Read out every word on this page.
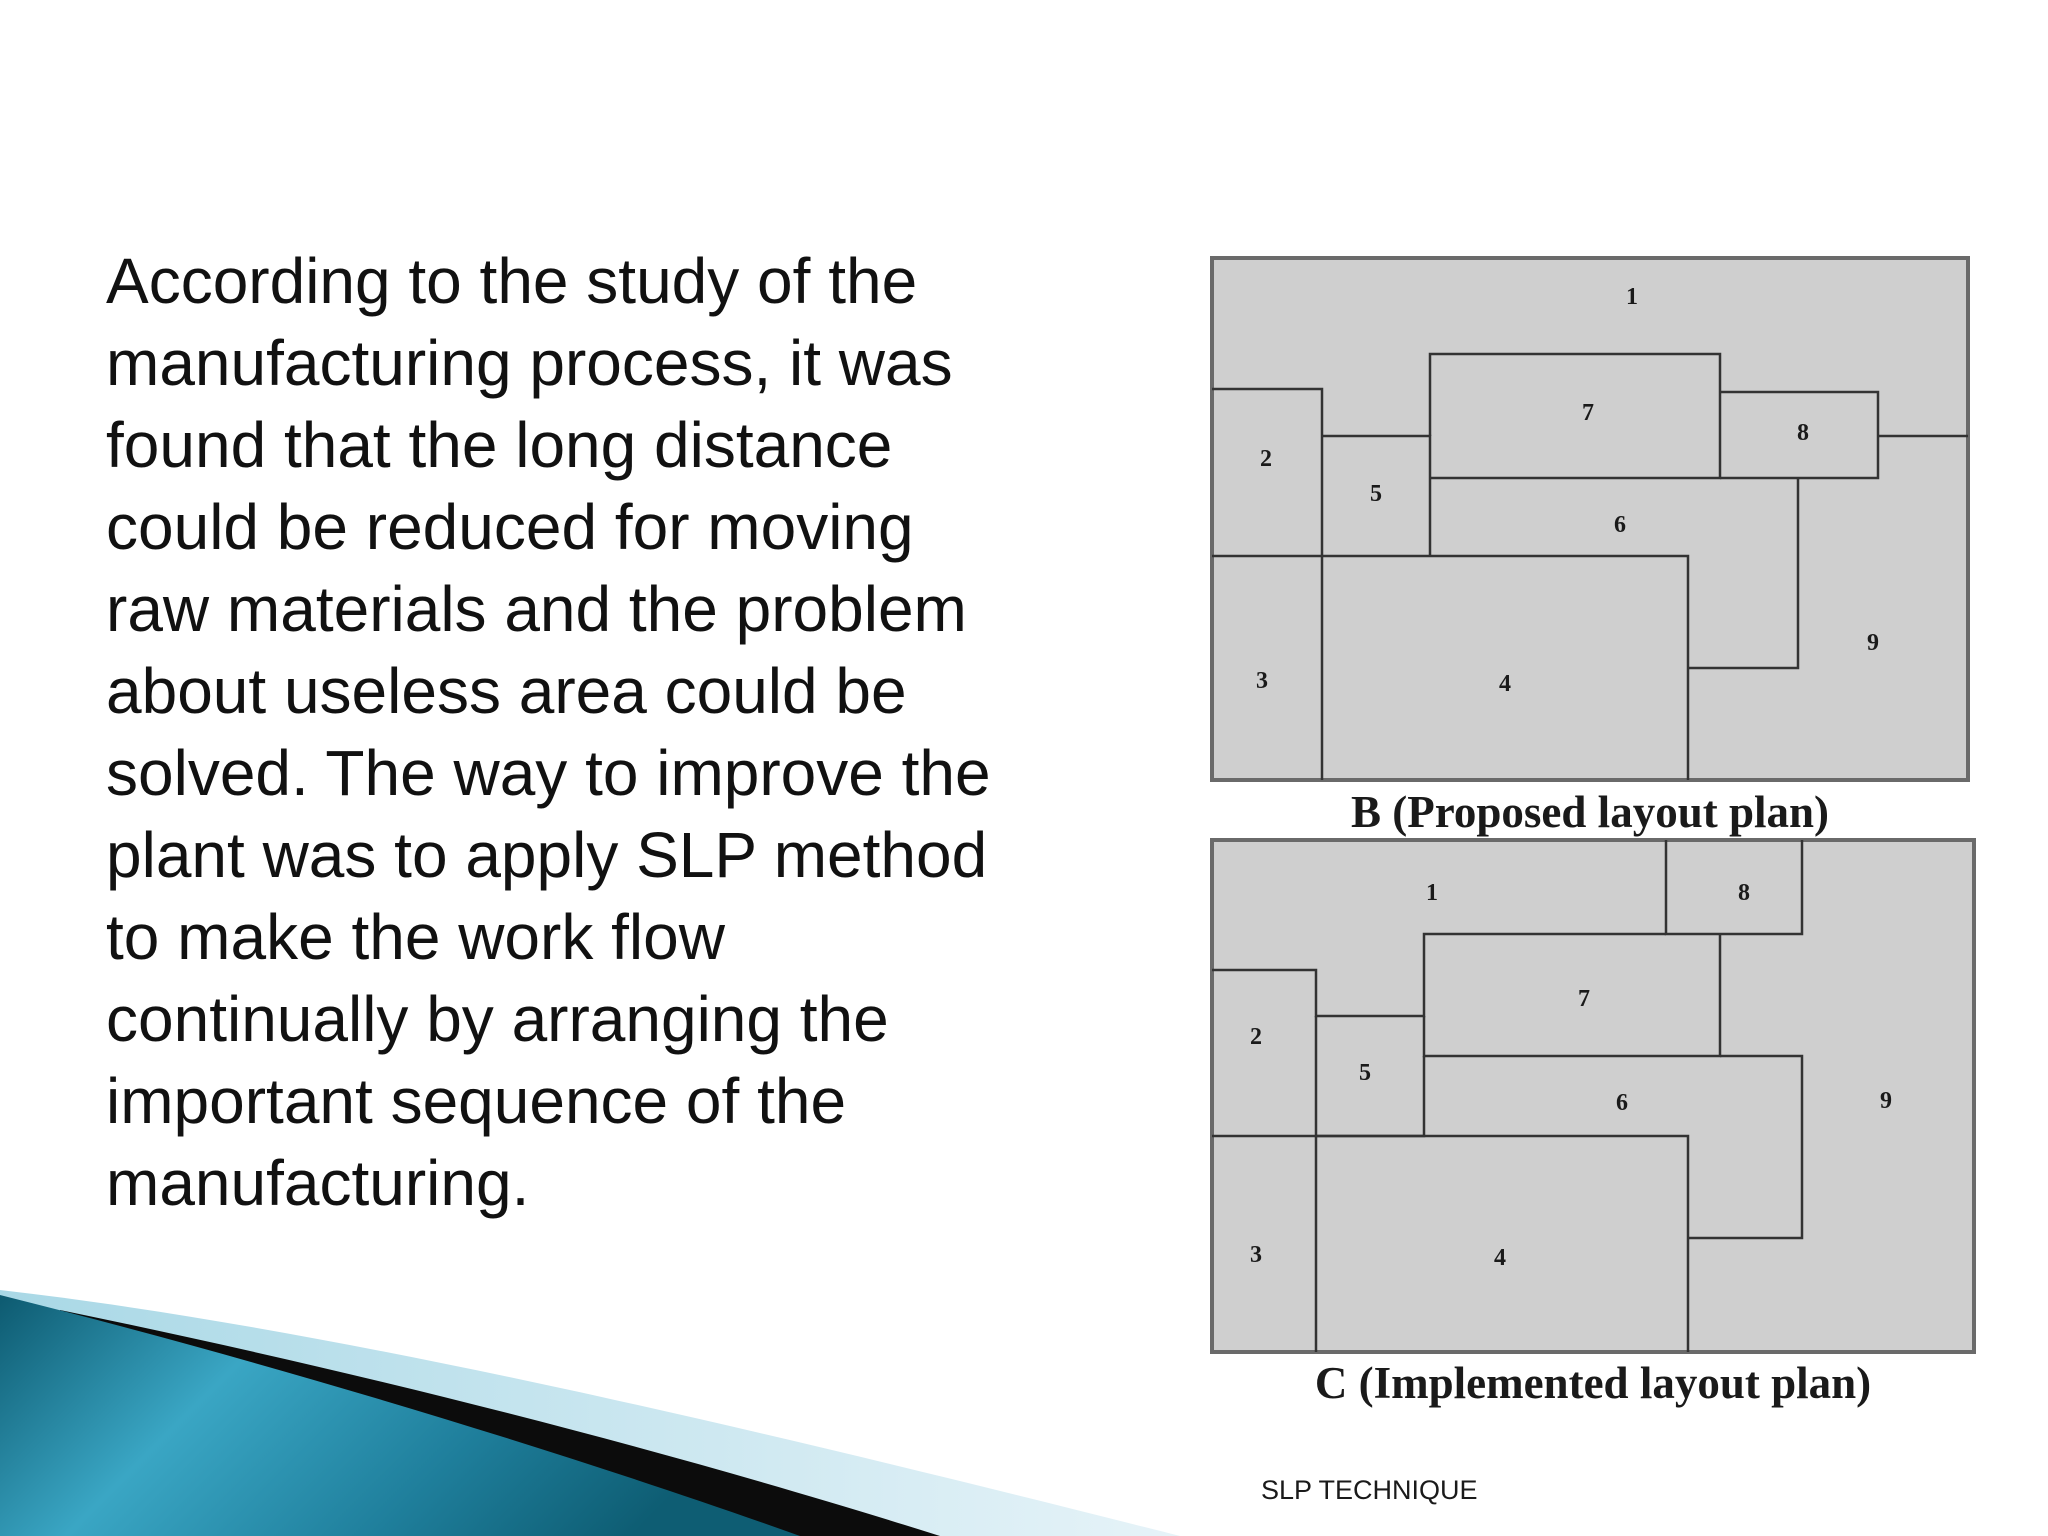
According to the study of the
manufacturing process, it was
found that the long distance
could be reduced for moving
raw materials and the problem
about useless area could be
solved. The way to improve the
plant was to apply SLP method
to make the work flow
continually by arranging the
important sequence of the
manufacturing.

1
2
3	4
5
6
7
8
9

B (Proposed layout plan)

1
2
3	4
5
6
7
8
9

C (Implemented layout plan)

SLP TECHNIQUE
